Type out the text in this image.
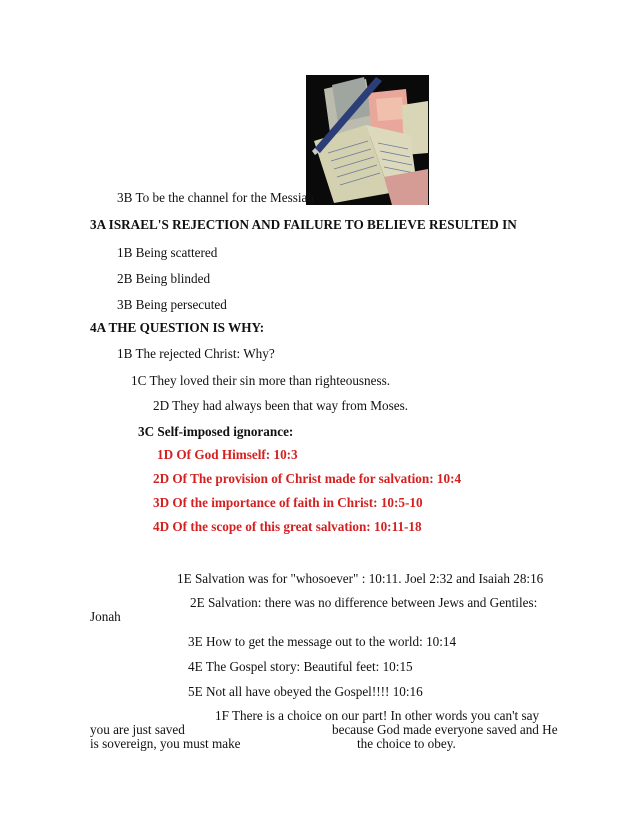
3B To be the channel for the Messiah
3A ISRAEL'S REJECTION AND FAILURE TO BELIEVE RESULTED IN
1B Being scattered
2B Being blinded
3B Being persecuted
4A THE QUESTION IS WHY:
1B The rejected Christ: Why?
1C They loved their sin more than righteousness.
2D They had always been that way from Moses.
3C Self-imposed ignorance:
1D Of God Himself: 10:3
2D Of The provision of Christ made for salvation: 10:4
3D Of the importance of faith in Christ: 10:5-10
4D Of the scope of this great salvation: 10:11-18
1E Salvation was for "whosoever" : 10:11. Joel 2:32 and Isaiah 28:16
2E Salvation: there was no difference between Jews and Gentiles:
Jonah
3E How to get the message out to the world: 10:14
4E The Gospel story: Beautiful feet: 10:15
5E Not all have obeyed the Gospel!!!! 10:16
1F There is a choice on our part! In other words you can't say
you are just saved	because God made everyone saved and He
is sovereign, you must make	the choice to obey.
